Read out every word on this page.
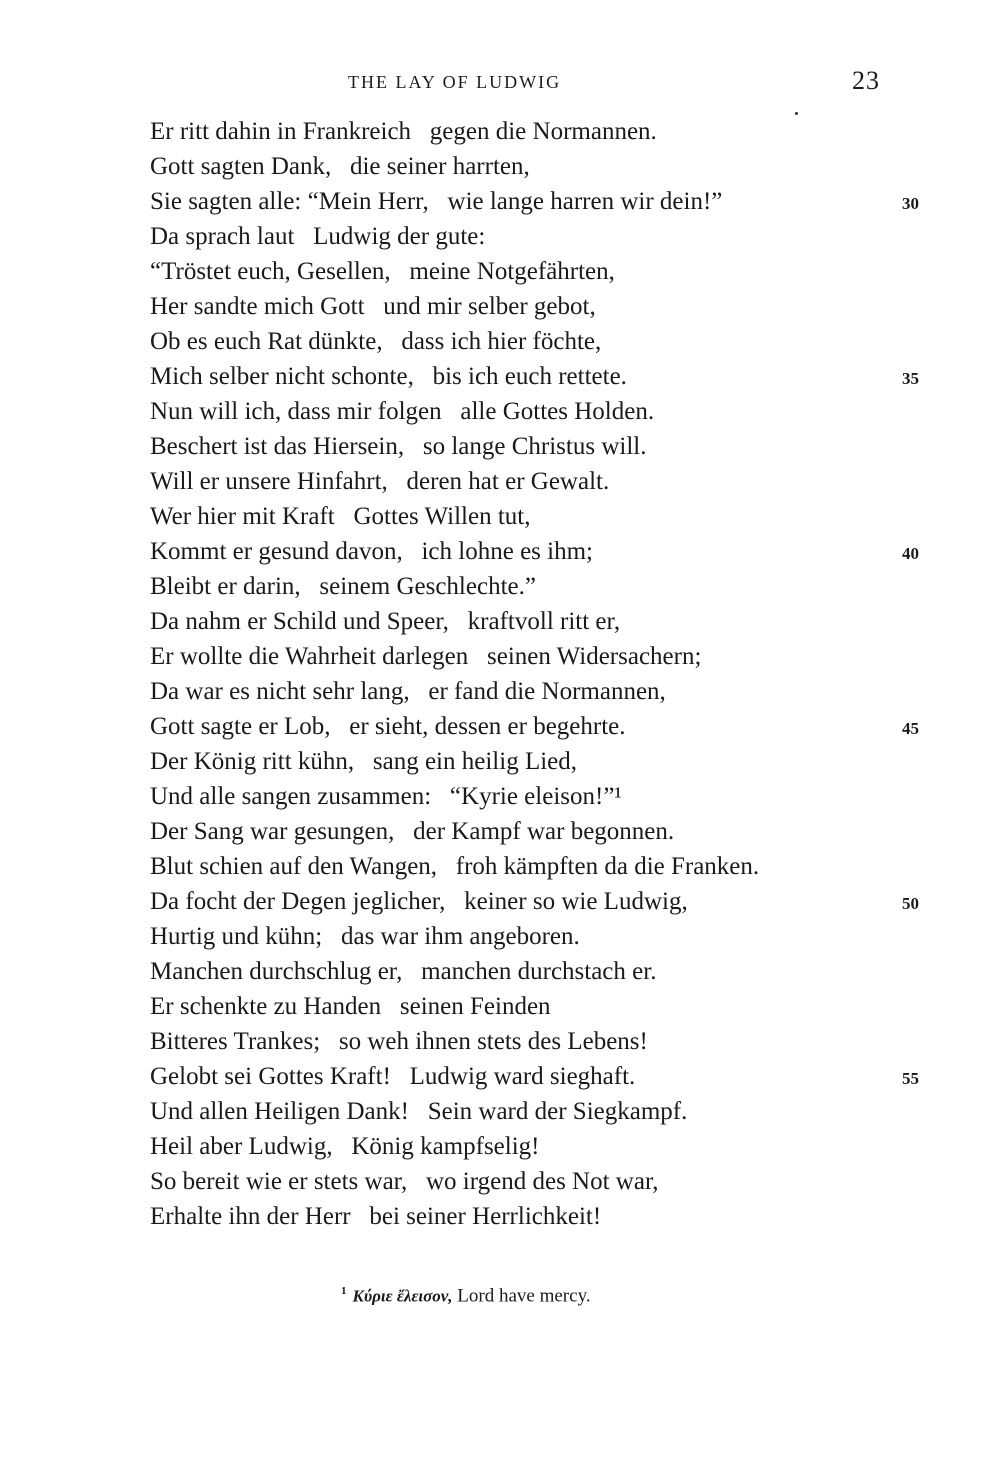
THE LAY OF LUDWIG	23
Er ritt dahin in Frankreich   gegen die Normannen.
Gott sagten Dank,   die seiner harrten,
Sie sagten alle: “Mein Herr,   wie lange harren wir dein!”	30
Da sprach laut   Ludwig der gute:
“Tröstet euch, Gesellen,   meine Notgefährten,
Her sandte mich Gott   und mir selber gebot,
Ob es euch Rat dünkte,   dass ich hier föchte,
Mich selber nicht schonte,   bis ich euch rettete.	35
Nun will ich, dass mir folgen   alle Gottes Holden.
Beschert ist das Hiersein,   so lange Christus will.
Will er unsere Hinfahrt,   deren hat er Gewalt.
Wer hier mit Kraft   Gottes Willen tut,
Kommt er gesund davon,   ich lohne es ihm;	40
Bleibt er darin,   seinem Geschlechte.”
Da nahm er Schild und Speer,   kraftvoll ritt er,
Er wollte die Wahrheit darlegen   seinen Widersachern;
Da war es nicht sehr lang,   er fand die Normannen,
Gott sagte er Lob,   er sieht, dessen er begehrte.	45
Der König ritt kühn,   sang ein heilig Lied,
Und alle sangen zusammen:   “Kyrie eleison!”¹
Der Sang war gesungen,   der Kampf war begonnen.
Blut schien auf den Wangen,   froh kämpften da die Franken.
Da focht der Degen jeglicher,   keiner so wie Ludwig,	50
Hurtig und kühn;   das war ihm angeboren.
Manchen durchschlug er,   manchen durchstach er.
Er schenkte zu Handen   seinen Feinden
Bitteres Trankes;   so weh ihnen stets des Lebens!
Gelobt sei Gottes Kraft!   Ludwig ward sieghaft.	55
Und allen Heiligen Dank!   Sein ward der Siegkampf.
Heil aber Ludwig,   König kampfselig!
So bereit wie er stets war,   wo irgend des Not war,
Erhalte ihn der Herr   bei seiner Herrlichkeit!

$^1$ Κύριε ἔλεισον, Lord have mercy.
